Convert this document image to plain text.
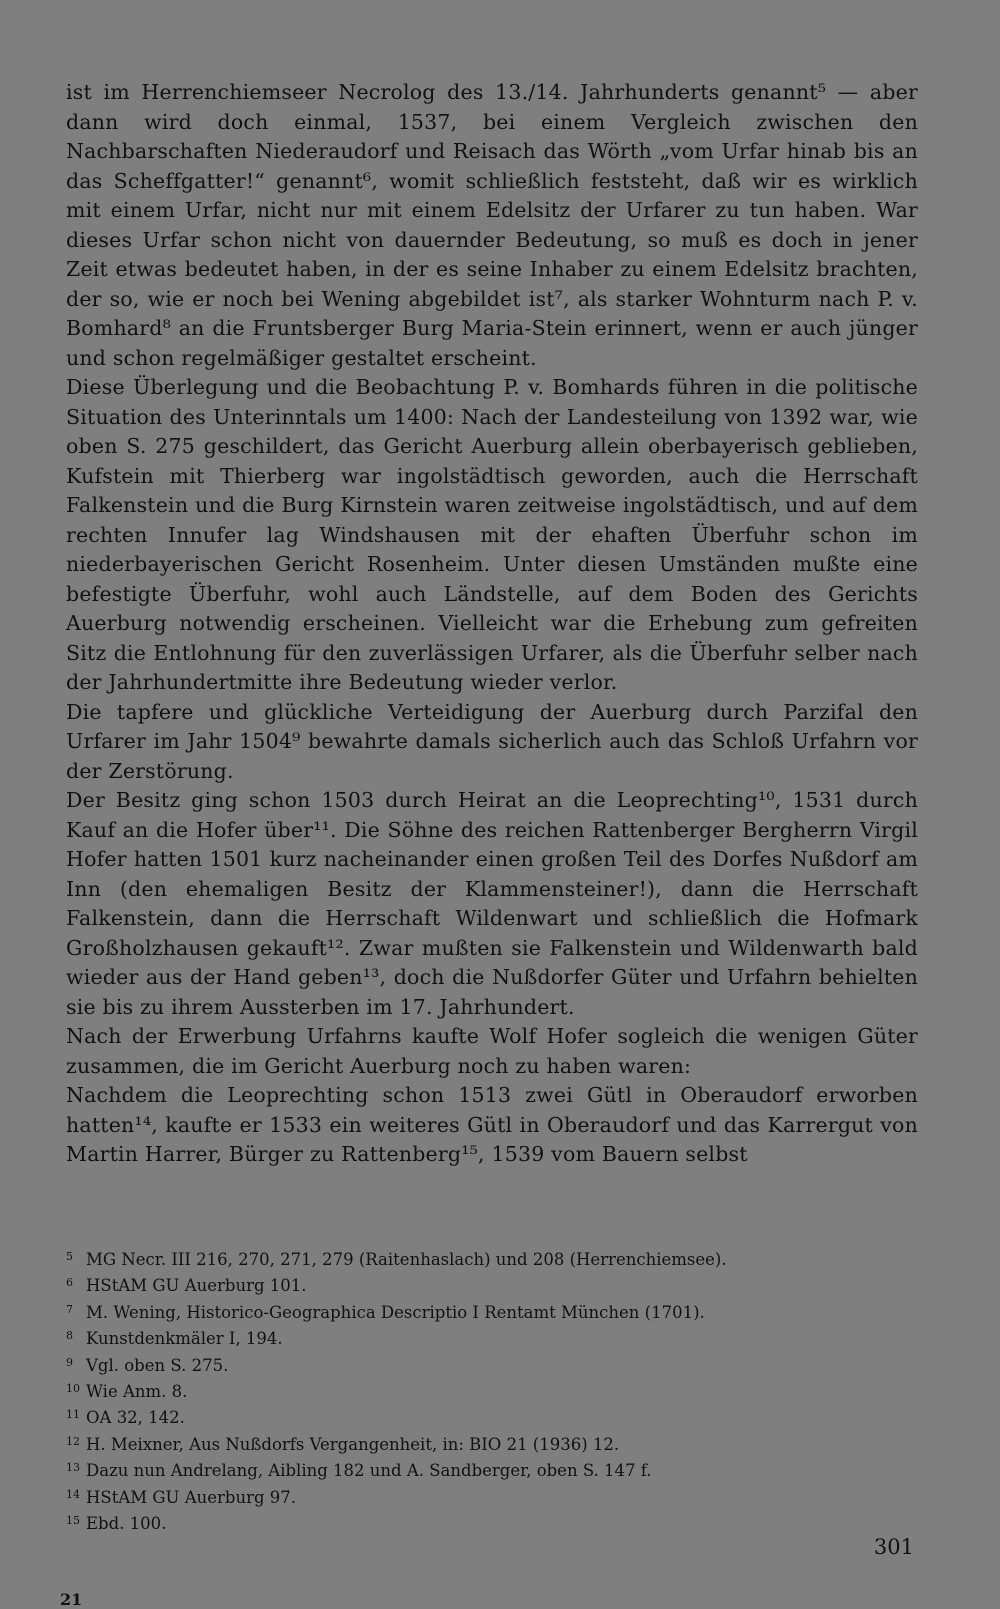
ist im Herrenchiemseer Necrolog des 13./14. Jahrhunderts genannt⁵ — aber dann wird doch einmal, 1537, bei einem Vergleich zwischen den Nachbarschaften Niederaudorf und Reisach das Wörth „vom Urfar hinab bis an das Scheffgatter!“ genannt⁶, womit schließlich feststeht, daß wir es wirklich mit einem Urfar, nicht nur mit einem Edelsitz der Urfarer zu tun haben. War dieses Urfar schon nicht von dauernder Bedeutung, so muß es doch in jener Zeit etwas bedeutet haben, in der es seine Inhaber zu einem Edelsitz brachten, der so, wie er noch bei Wening abgebildet ist⁷, als starker Wohnturm nach P. v. Bomhard⁸ an die Fruntsberger Burg Maria-Stein erinnert, wenn er auch jünger und schon regelmäßiger gestaltet erscheint.

Diese Überlegung und die Beobachtung P. v. Bomhards führen in die politische Situation des Unterinntals um 1400: Nach der Landesteilung von 1392 war, wie oben S. 275 geschildert, das Gericht Auerburg allein oberbayerisch geblieben, Kufstein mit Thierberg war ingolstädtisch geworden, auch die Herrschaft Falkenstein und die Burg Kirnstein waren zeitweise ingolstädtisch, und auf dem rechten Innufer lag Windshausen mit der ehaften Überfuhr schon im niederbayerischen Gericht Rosenheim. Unter diesen Umständen mußte eine befestigte Überfuhr, wohl auch Ländstelle, auf dem Boden des Gerichts Auerburg notwendig erscheinen. Vielleicht war die Erhebung zum gefreiten Sitz die Entlohnung für den zuverlässigen Urfarer, als die Überfuhr selber nach der Jahrhundertmitte ihre Bedeutung wieder verlor.

Die tapfere und glückliche Verteidigung der Auerburg durch Parzifal den Urfarer im Jahr 1504⁹ bewahrte damals sicherlich auch das Schloß Urfahrn vor der Zerstörung.

Der Besitz ging schon 1503 durch Heirat an die Leoprechting¹⁰, 1531 durch Kauf an die Hofer über¹¹. Die Söhne des reichen Rattenberger Bergherrn Virgil Hofer hatten 1501 kurz nacheinander einen großen Teil des Dorfes Nußdorf am Inn (den ehemaligen Besitz der Klammensteiner!), dann die Herrschaft Falkenstein, dann die Herrschaft Wildenwart und schließlich die Hofmark Großholzhausen gekauft¹². Zwar mußten sie Falkenstein und Wildenwarth bald wieder aus der Hand geben¹³, doch die Nußdorfer Güter und Urfahrn behielten sie bis zu ihrem Aussterben im 17. Jahrhundert.

Nach der Erwerbung Urfahrns kaufte Wolf Hofer sogleich die wenigen Güter zusammen, die im Gericht Auerburg noch zu haben waren:

Nachdem die Leoprechting schon 1513 zwei Gütl in Oberaudorf erworben hatten¹⁴, kaufte er 1533 ein weiteres Gütl in Oberaudorf und das Karrergut von Martin Harrer, Bürger zu Rattenberg¹⁵, 1539 vom Bauern selbst

5 MG Necr. III 216, 270, 271, 279 (Raitenhaslach) und 208 (Herrenchiemsee).
6 HStAM GU Auerburg 101.
7 M. Wening, Historico-Geographica Descriptio I Rentamt München (1701).
8 Kunstdenkmäler I, 194.
9 Vgl. oben S. 275.
10 Wie Anm. 8.
11 OA 32, 142.
12 H. Meixner, Aus Nußdorfs Vergangenheit, in: BIO 21 (1936) 12.
13 Dazu nun Andrelang, Aibling 182 und A. Sandberger, oben S. 147 f.
14 HStAM GU Auerburg 97.
15 Ebd. 100.
301
21
